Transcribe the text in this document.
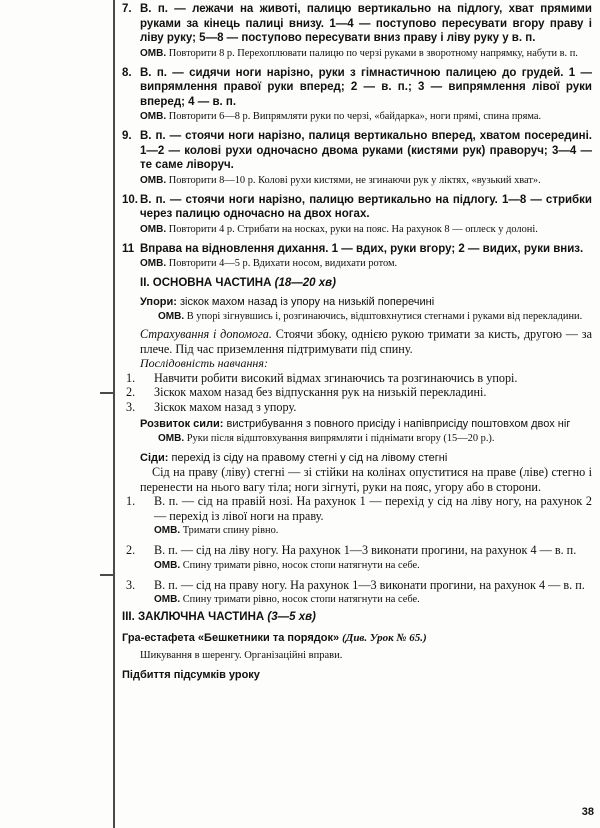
7. В. п. — лежачи на животі, палицю вертикально на підлогу, хват прямими руками за кінець палиці внизу. 1—4 — поступово пересувати вгору праву і ліву руку; 5—8 — поступово пересувати вниз праву і ліву руку у в. п.
ОМВ. Повторити 8 р. Перехоплювати палицю по черзі руками в зворотному напрямку, набути в. п.
8. В. п. — сидячи ноги нарізно, руки з гімнастичною палицею до грудей. 1 — випрямлення правої руки вперед; 2 — в. п.; 3 — випрямлення лівої руки вперед; 4 — в. п.
ОМВ. Повторити 6—8 р. Випрямляти руки по черзі, «байдарка», ноги прямі, спина пряма.
9. В. п. — стоячи ноги нарізно, палиця вертикально вперед, хватом посередині. 1—2 — колові рухи одночасно двома руками (кистями рук) праворуч; 3—4 — те саме ліворуч.
ОМВ. Повторити 8—10 р. Колові рухи кистями, не згинаючи рук у ліктях, «вузький хват».
10. В. п. — стоячи ноги нарізно, палицю вертикально на підлогу. 1—8 — стрибки через палицю одночасно на двох ногах.
ОМВ. Повторити 4 р. Стрибати на носках, руки на пояс. На рахунок 8 — оплеск у долоні.
11 Вправа на відновлення дихання. 1 — вдих, руки вгору; 2 — видих, руки вниз.
ОМВ. Повторити 4—5 р. Вдихати носом, видихати ротом.
II. ОСНОВНА ЧАСТИНА (18—20 хв)
Упори: зіскок махом назад із упору на низькій поперечині
ОМВ. В упорі зігнувшись і, розгинаючись, відштовхнутися стегнами і руками від перекладини.
Страхування і допомога. Стоячи збоку, однією рукою тримати за кисть, другою — за плече. Під час приземлення підтримувати під спину.
Послідовність навчання:
1.	Навчити робити високий відмах згинаючись та розгинаючись в упорі.
2.	Зіскок махом назад без відпускання рук на низькій перекладині.
3.	Зіскок махом назад з упору.
Розвиток сили: вистрибування з повного присіду і напівприсіду поштовхом двох ніг
ОМВ. Руки після відштовхування випрямляти і піднімати вгору (15—20 р.).
Сіди: перехід із сіду на правому стегні у сід на лівому стегні
Сід на праву (ліву) стегні — зі стійки на колінах опуститися на праве (ліве) стегно і перенести на нього вагу тіла; ноги зігнуті, руки на пояс, угору або в сторони.
1.	В. п. — сід на правій нозі. На рахунок 1 — перехід у сід на ліву ногу, на рахунок 2 — перехід із лівої ноги на праву.
ОМВ. Тримати спину рівно.
2.	В. п. — сід на ліву ногу. На рахунок 1—3 виконати прогини, на рахунок 4 — в. п.
ОМВ. Спину тримати рівно, носок стопи натягнути на себе.
3.	В. п. — сід на праву ногу. На рахунок 1—3 виконати прогини, на рахунок 4 — в. п.
ОМВ. Спину тримати рівно, носок стопи натягнути на себе.
III. ЗАКЛЮЧНА ЧАСТИНА (3—5 хв)
Гра-естафета «Бешкетники та порядок» (Див. Урок № 65.)
Шикування в шеренгу. Організаційні вправи.
Підбиття підсумків уроку
38
